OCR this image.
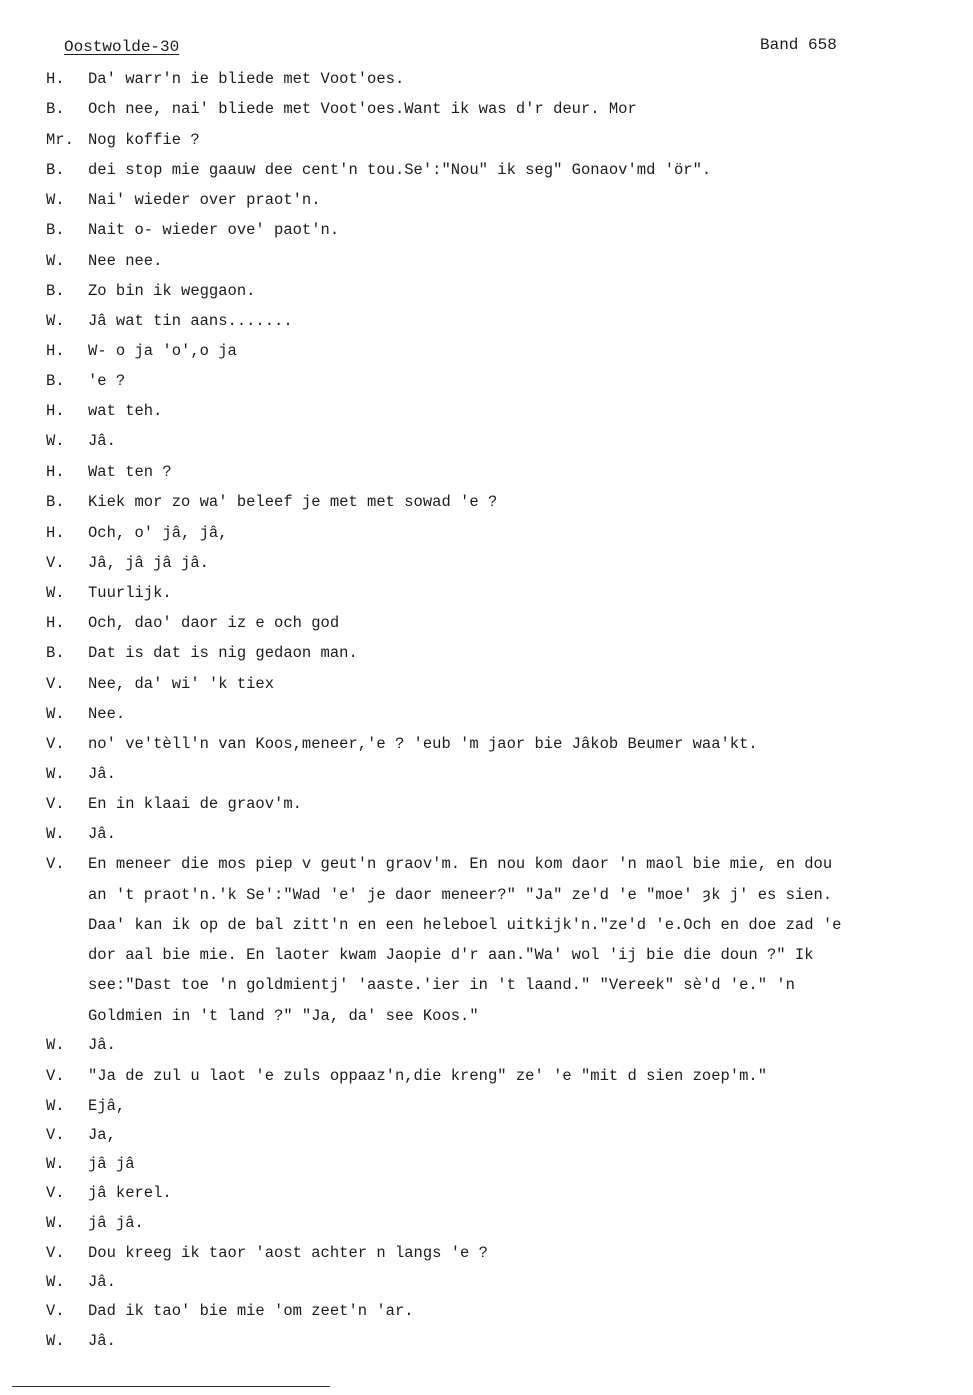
Oostwolde-30	Band 658
H.	Da' warr'n ie bliede met Voot'oes.
B.	Och nee, nai' bliede met Voot'oes.Want ik was d'r deur. Mor
Mr. Nog koffie ?
B.	dei stop mie gaauw dee cent'n tou.Se':"Nou" ik seg" Gonaov'md 'ör".
W.	Nai' wieder over praot'n.
B.	Nait o- wieder ove' paot'n.
W.	Nee nee.
B.	Zo bin ik weggaon.
W.	Jâ wat tin aans.......
H.	W- o ja 'o',o ja
B.	'e ?
H.	wat teh.
W.	Jâ.
H.	Wat ten ?
B.	Kiek mor zo wa' beleef je met met sowad 'e ?
H.	Och, o' jâ, jâ,
V.	Jâ, jâ jâ jâ.
W.	Tuurlijk.
H.	Och, dao' daor iz e och god
B.	Dat is dat is nig gedaon man.
V.	Nee, da' wi' 'k tiex
W.	Nee.
V.	no' ve'tèll'n van Koos,meneer,'e ? 'eub 'm jaor bie Jâkob Beumer waa'kt.
W.	Jâ.
V.	En in klaai de graov'm.
W.	Jâ.
V.	En meneer die mos piep v geut'n graov'm. En nou kom daor 'n maol bie mie, en dou
an 't praot'n.'k Se':"Wad 'e' je daor meneer?" "Ja" ze'd 'e "moe' ȝk j' es sien.
Daa' kan ik op de bal zitt'n en een heleboel uitkijk'n."ze'd 'e.Och en doe zad 'e
dor aal bie mie. En laoter kwam Jaopie d'r aan."Wa' wol 'ij bie die doun ?" Ik
see:"Dast toe 'n goldmientj' 'aaste.'ier in 't laand." "Vereek" sè'd 'e." 'n
Goldmien in 't land ?" "Ja, da' see Koos."
W.	Jâ.
V.	"Ja de zul u laot 'e zuls oppaaz'n,die kreng" ze' 'e "mit d sien zoep'm."
W.	Ejâ,
V.	Ja,
W.	jâ jâ
V.	jâ kerel.
W.	jâ jâ.
V.	Dou kreeg ik taor 'aost achter n langs 'e ?
W.	Jâ.
V.	Dad ik tao' bie mie 'om zeet'n 'ar.
W.	Jâ.
